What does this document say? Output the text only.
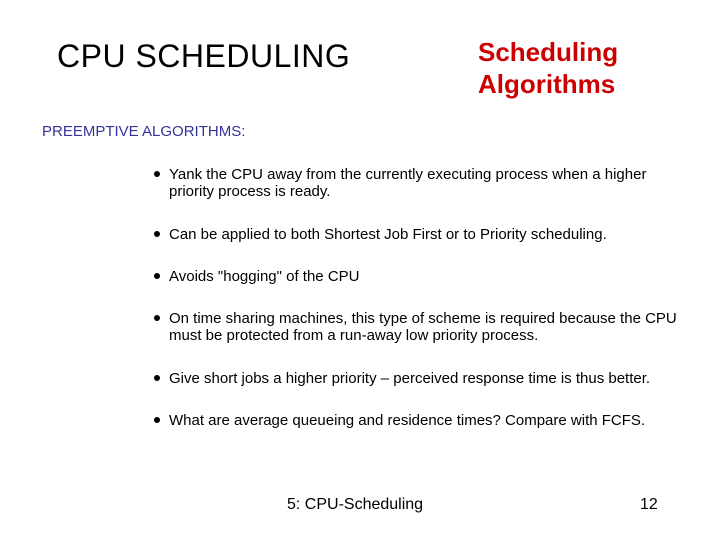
CPU SCHEDULING	Scheduling
Algorithms
PREEMPTIVE ALGORITHMS:
Yank the CPU away from the currently executing process when a higher priority process is ready.
Can be applied to both Shortest Job First or to Priority scheduling.
Avoids "hogging" of the CPU
On time sharing machines, this type of scheme is required because the CPU must be protected from a run-away low priority process.
Give short jobs a higher priority – perceived response time is thus better.
What are average queueing and residence times? Compare with FCFS.
5: CPU-Scheduling	12
